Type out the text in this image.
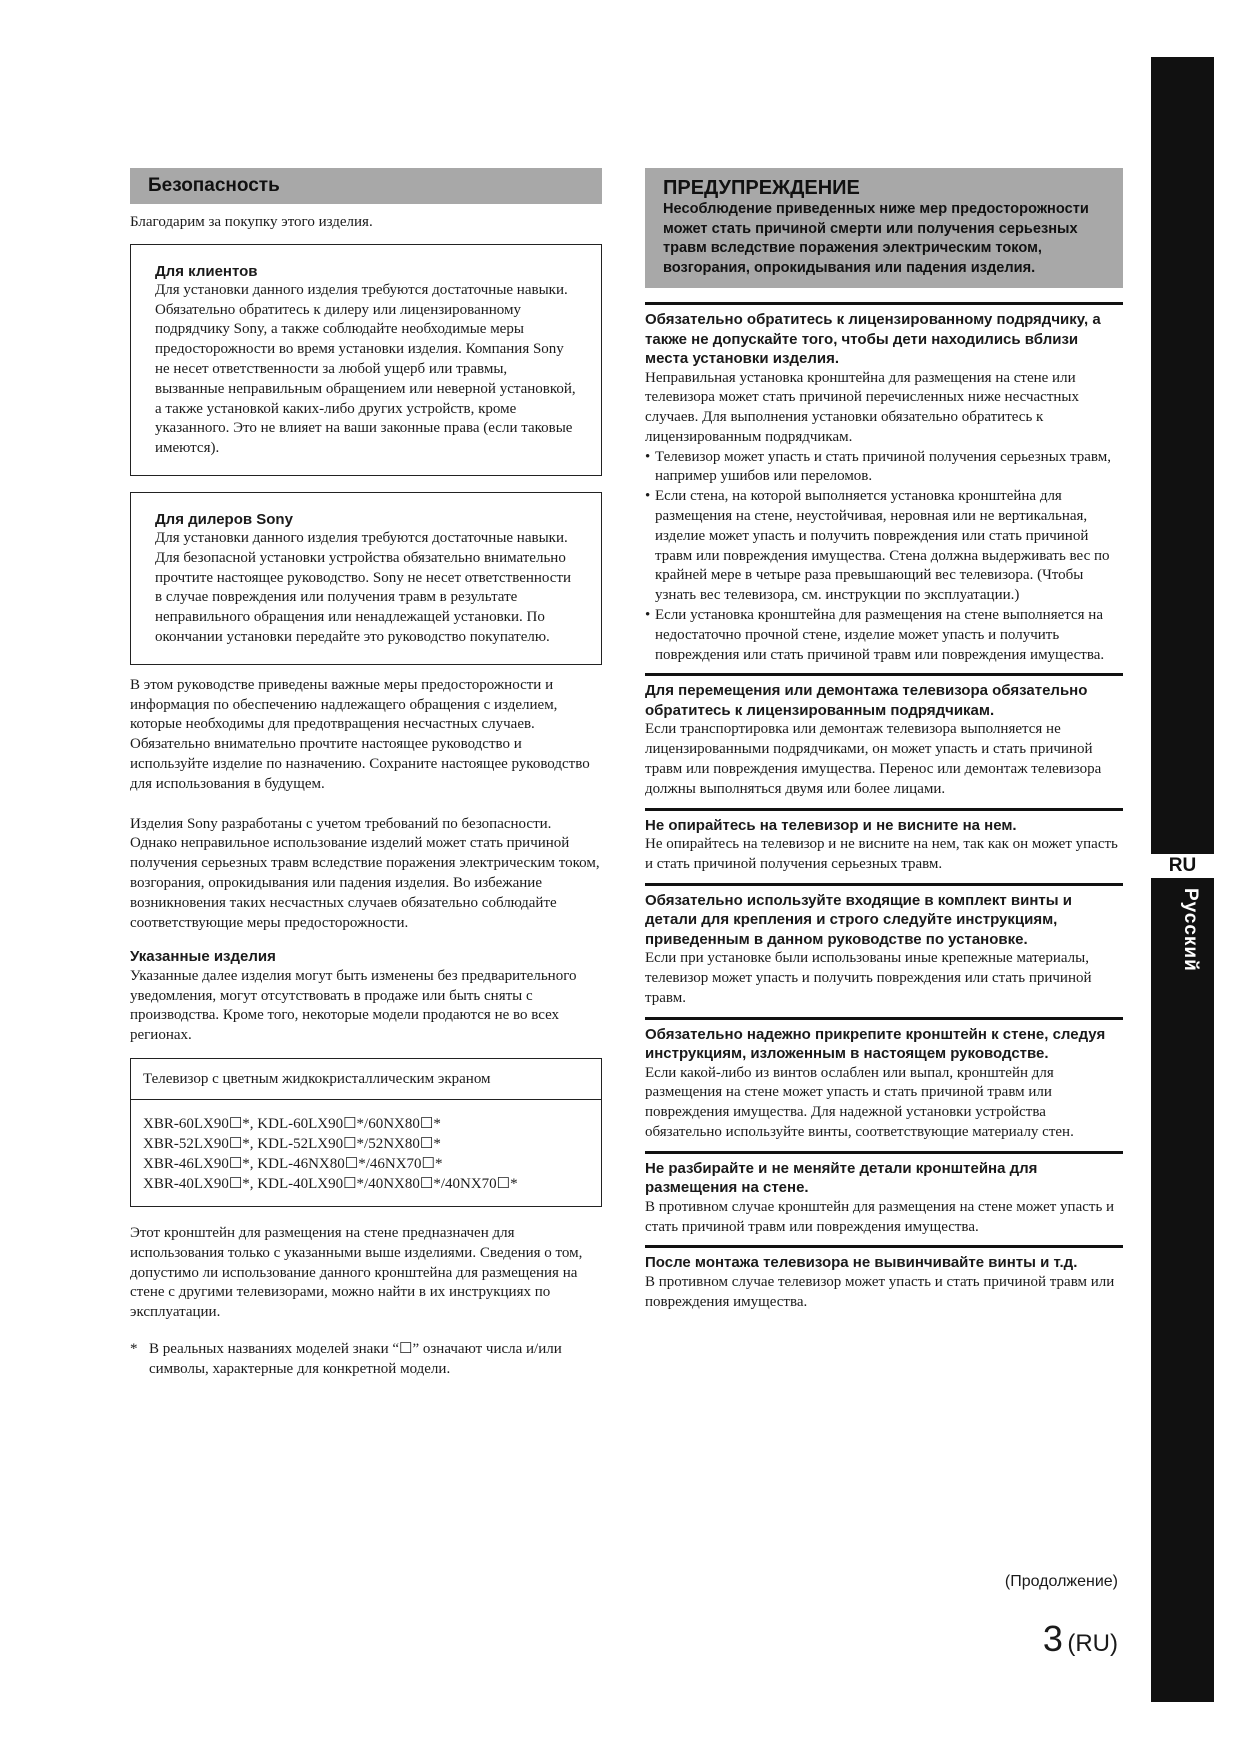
Безопасность

Благодарим за покупку этого изделия.

Для клиентов

Для установки данного изделия требуются достаточные навыки. Обязательно обратитесь к дилеру или лицензированному подрядчику Sony, а также соблюдайте необходимые меры предосторожности во время установки изделия. Компания Sony не несет ответственности за любой ущерб или травмы, вызванные неправильным обращением или неверной установкой, а также установкой каких-либо других устройств, кроме указанного. Это не влияет на ваши законные права (если таковые имеются).

Для дилеров Sony

Для установки данного изделия требуются достаточные навыки. Для безопасной установки устройства обязательно внимательно прочтите настоящее руководство. Sony не несет ответственности в случае повреждения или получения травм в результате неправильного обращения или ненадлежащей установки. По окончании установки передайте это руководство покупателю.

В этом руководстве приведены важные меры предосторожности и информация по обеспечению надлежащего обращения с изделием, которые необходимы для предотвращения несчастных случаев. Обязательно внимательно прочтите настоящее руководство и используйте изделие по назначению. Сохраните настоящее руководство для использования в будущем.

Изделия Sony разработаны с учетом требований по безопасности. Однако неправильное использование изделий может стать причиной получения серьезных травм вследствие поражения электрическим током, возгорания, опрокидывания или падения изделия. Во избежание возникновения таких несчастных случаев обязательно соблюдайте соответствующие меры предосторожности.

Указанные изделия

Указанные далее изделия могут быть изменены без предварительного уведомления, могут отсутствовать в продаже или быть сняты с производства. Кроме того, некоторые модели продаются не во всех регионах.

Телевизор с цветным жидкокристаллическим экраном

XBR-60LX90☐*, KDL-60LX90☐*/60NX80☐*
XBR-52LX90☐*, KDL-52LX90☐*/52NX80☐*
XBR-46LX90☐*, KDL-46NX80☐*/46NX70☐*
XBR-40LX90☐*, KDL-40LX90☐*/40NX80☐*/40NX70☐*

Этот кронштейн для размещения на стене предназначен для использования только с указанными выше изделиями. Сведения о том, допустимо ли использование данного кронштейна для размещения на стене с другими телевизорами, можно найти в их инструкциях по эксплуатации.

* В реальных названиях моделей знаки “☐” означают числа и/или символы, характерные для конкретной модели.
ПРЕДУПРЕЖДЕНИЕ
Несоблюдение приведенных ниже мер предосторожности может стать причиной смерти или получения серьезных травм вследствие поражения электрическим током, возгорания, опрокидывания или падения изделия.

Обязательно обратитесь к лицензированному подрядчику, а также не допускайте того, чтобы дети находились вблизи места установки изделия.

Неправильная установка кронштейна для размещения на стене или телевизора может стать причиной перечисленных ниже несчастных случаев. Для выполнения установки обязательно обратитесь к лицензированным подрядчикам.

• Телевизор может упасть и стать причиной получения серьезных травм, например ушибов или переломов.
• Если стена, на которой выполняется установка кронштейна для размещения на стене, неустойчивая, неровная или не вертикальная, изделие может упасть и получить повреждения или стать причиной травм или повреждения имущества. Стена должна выдерживать вес по крайней мере в четыре раза превышающий вес телевизора. (Чтобы узнать вес телевизора, см. инструкции по эксплуатации.)
• Если установка кронштейна для размещения на стене выполняется на недостаточно прочной стене, изделие может упасть и получить повреждения или стать причиной травм или повреждения имущества.

Для перемещения или демонтажа телевизора обязательно обратитесь к лицензированным подрядчикам.

Если транспортировка или демонтаж телевизора выполняется не лицензированными подрядчиками, он может упасть и стать причиной травм или повреждения имущества. Перенос или демонтаж телевизора должны выполняться двумя или более лицами.

Не опирайтесь на телевизор и не висните на нем.

Не опирайтесь на телевизор и не висните на нем, так как он может упасть и стать причиной получения серьезных травм.

Обязательно используйте входящие в комплект винты и детали для крепления и строго следуйте инструкциям, приведенным в данном руководстве по установке.

Если при установке были использованы иные крепежные материалы, телевизор может упасть и получить повреждения или стать причиной травм.

Обязательно надежно прикрепите кронштейн к стене, следуя инструкциям, изложенным в настоящем руководстве.

Если какой-либо из винтов ослаблен или выпал, кронштейн для размещения на стене может упасть и стать причиной травм или повреждения имущества. Для надежной установки устройства обязательно используйте винты, соответствующие материалу стен.

Не разбирайте и не меняйте детали кронштейна для размещения на стене.

В противном случае кронштейн для размещения на стене может упасть и стать причиной травм или повреждения имущества.

После монтажа телевизора не вывинчивайте винты и т.д.

В противном случае телевизор может упасть и стать причиной травм или повреждения имущества.

RU
Русский
(Продолжение)
3 (RU)
